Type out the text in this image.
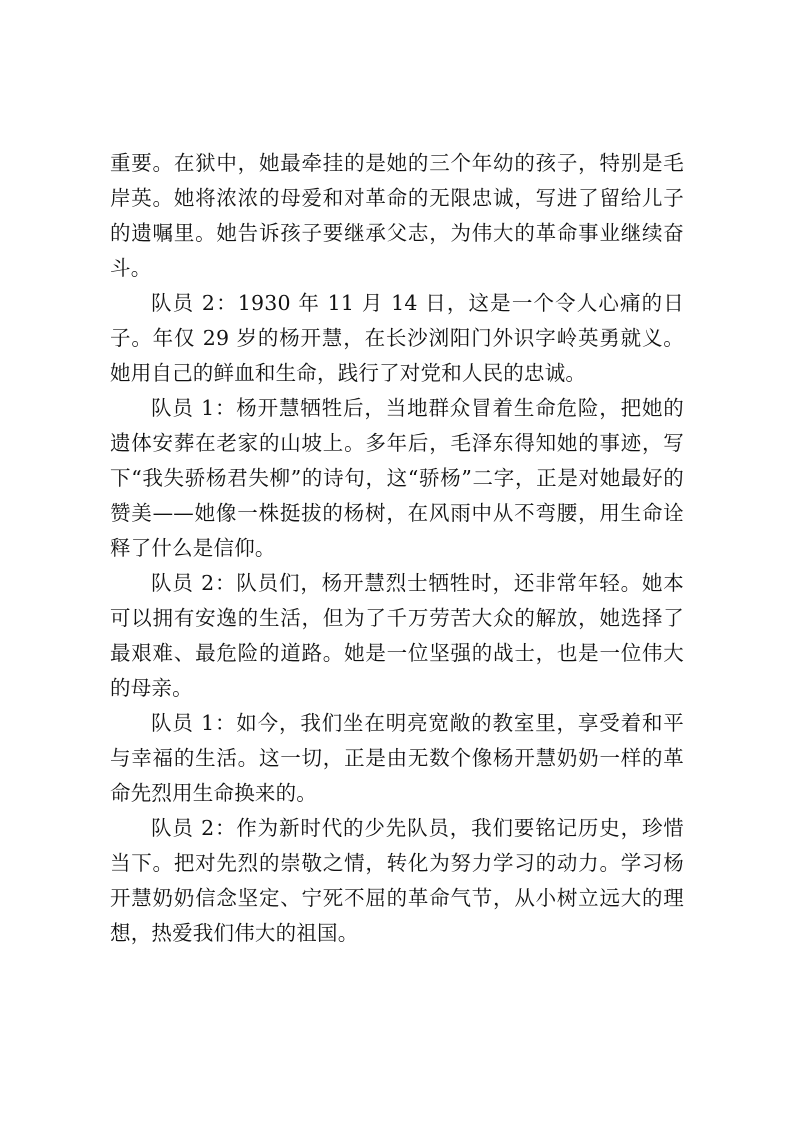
重要。在狱中，她最牵挂的是她的三个年幼的孩子，特别是毛岸英。她将浓浓的母爱和对革命的无限忠诚，写进了留给儿子的遗嘱里。她告诉孩子要继承父志，为伟大的革命事业继续奋斗。

队员 2：1930 年 11 月 14 日，这是一个令人心痛的日子。年仅 29 岁的杨开慧，在长沙浏阳门外识字岭英勇就义。她用自己的鲜血和生命，践行了对党和人民的忠诚。

队员 1：杨开慧牺牲后，当地群众冒着生命危险，把她的遗体安葬在老家的山坡上。多年后，毛泽东得知她的事迹，写下“我失骄杨君失柳”的诗句，这“骄杨”二字，正是对她最好的赞美——她像一株挺拔的杨树，在风雨中从不弯腰，用生命诠释了什么是信仰。

队员 2：队员们，杨开慧烈士牺牲时，还非常年轻。她本可以拥有安逸的生活，但为了千万劳苦大众的解放，她选择了最艰难、最危险的道路。她是一位坚强的战士，也是一位伟大的母亲。

队员 1：如今，我们坐在明亮宽敞的教室里，享受着和平与幸福的生活。这一切，正是由无数个像杨开慧奶奶一样的革命先烈用生命换来的。

队员 2：作为新时代的少先队员，我们要铭记历史，珍惜当下。把对先烈的崇敬之情，转化为努力学习的动力。学习杨开慧奶奶信念坚定、宁死不屈的革命气节，从小树立远大的理想，热爱我们伟大的祖国。
